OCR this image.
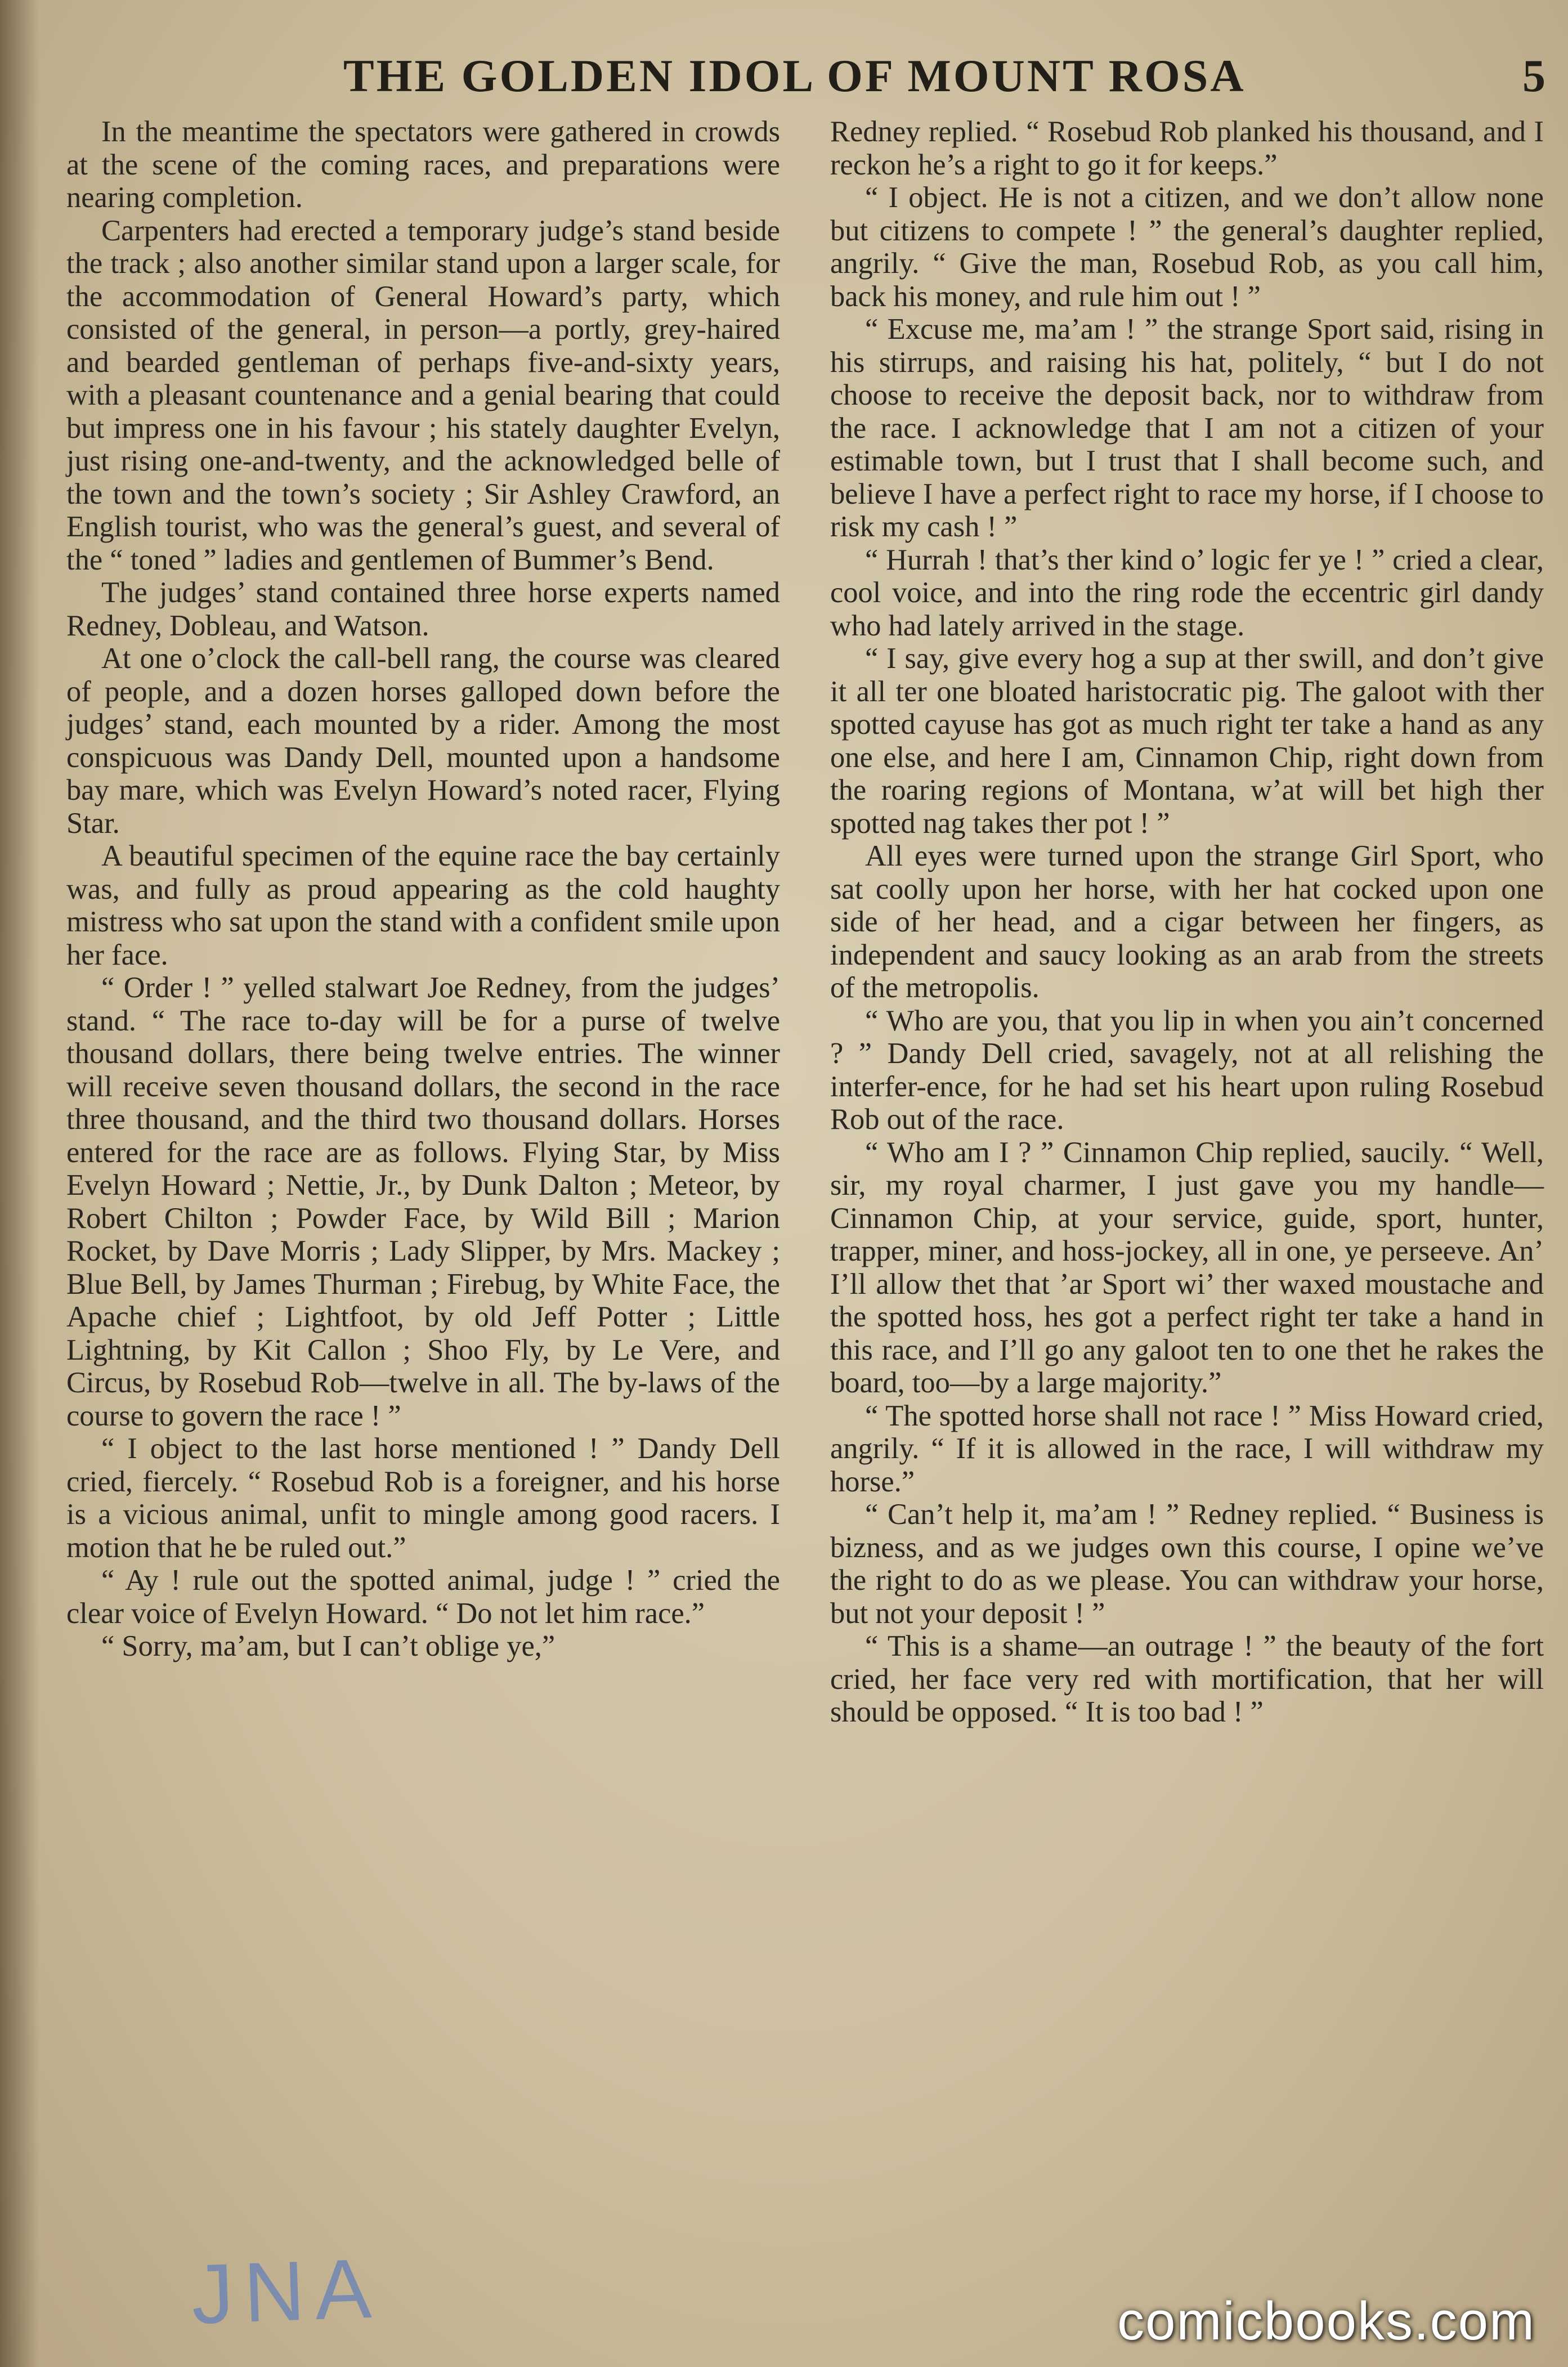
THE GOLDEN IDOL OF MOUNT ROSA	5

In the meantime the spectators were gathered in crowds at the scene of the coming races, and preparations were nearing completion.

Carpenters had erected a temporary judge’s stand beside the track ; also another similar stand upon a larger scale, for the accommodation of General Howard’s party, which consisted of the general, in person—a portly, grey-haired and bearded gentleman of perhaps five-and-sixty years, with a pleasant countenance and a genial bearing that could but impress one in his favour ; his stately daughter Evelyn, just rising one-and-twenty, and the acknowledged belle of the town and the town’s society ; Sir Ashley Crawford, an English tourist, who was the general’s guest, and several of the “ toned ” ladies and gentlemen of Bummer’s Bend.

The judges’ stand contained three horse experts named Redney, Dobleau, and Watson.

At one o’clock the call-bell rang, the course was cleared of people, and a dozen horses galloped down before the judges’ stand, each mounted by a rider. Among the most conspicuous was Dandy Dell, mounted upon a handsome bay mare, which was Evelyn Howard’s noted racer, Flying Star.

A beautiful specimen of the equine race the bay certainly was, and fully as proud appearing as the cold haughty mistress who sat upon the stand with a confident smile upon her face.

“ Order ! ” yelled stalwart Joe Redney, from the judges’ stand. “ The race to-day will be for a purse of twelve thousand dollars, there being twelve entries. The winner will receive seven thousand dollars, the second in the race three thousand, and the third two thousand dollars. Horses entered for the race are as follows. Flying Star, by Miss Evelyn Howard ; Nettie, Jr., by Dunk Dalton ; Meteor, by Robert Chilton ; Powder Face, by Wild Bill ; Marion Rocket, by Dave Morris ; Lady Slipper, by Mrs. Mackey ; Blue Bell, by James Thurman ; Firebug, by White Face, the Apache chief ; Lightfoot, by old Jeff Potter ; Little Lightning, by Kit Callon ; Shoo Fly, by Le Vere, and Circus, by Rosebud Rob—twelve in all. The by-laws of the course to govern the race ! ”

“ I object to the last horse mentioned ! ” Dandy Dell cried, fiercely. “ Rosebud Rob is a foreigner, and his horse is a vicious animal, unfit to mingle among good racers. I motion that he be ruled out.”

“ Ay ! rule out the spotted animal, judge ! ” cried the clear voice of Evelyn Howard. “ Do not let him race.”

“ Sorry, ma’am, but I can’t oblige ye,”

Redney replied. “ Rosebud Rob planked his thousand, and I reckon he’s a right to go it for keeps.”

“ I object. He is not a citizen, and we don’t allow none but citizens to compete ! ” the general’s daughter replied, angrily. “ Give the man, Rosebud Rob, as you call him, back his money, and rule him out ! ”

“ Excuse me, ma’am ! ” the strange Sport said, rising in his stirrups, and raising his hat, politely, “ but I do not choose to receive the deposit back, nor to withdraw from the race. I acknowledge that I am not a citizen of your estimable town, but I trust that I shall become such, and believe I have a perfect right to race my horse, if I choose to risk my cash ! ”

“ Hurrah ! that’s ther kind o’ logic fer ye ! ” cried a clear, cool voice, and into the ring rode the eccentric girl dandy who had lately arrived in the stage.

“ I say, give every hog a sup at ther swill, and don’t give it all ter one bloated haristocratic pig. The galoot with ther spotted cayuse has got as much right ter take a hand as any one else, and here I am, Cinnamon Chip, right down from the roaring regions of Montana, w’at will bet high ther spotted nag takes ther pot ! ”

All eyes were turned upon the strange Girl Sport, who sat coolly upon her horse, with her hat cocked upon one side of her head, and a cigar between her fingers, as independent and saucy looking as an arab from the streets of the metropolis.

“ Who are you, that you lip in when you ain’t concerned ? ” Dandy Dell cried, savagely, not at all relishing the interfer-ence, for he had set his heart upon ruling Rosebud Rob out of the race.

“ Who am I ? ” Cinnamon Chip replied, saucily. “ Well, sir, my royal charmer, I just gave you my handle—Cinnamon Chip, at your service, guide, sport, hunter, trapper, miner, and hoss-jockey, all in one, ye perseeve. An’ I’ll allow thet that ’ar Sport wi’ ther waxed moustache and the spotted hoss, hes got a perfect right ter take a hand in this race, and I’ll go any galoot ten to one thet he rakes the board, too—by a large majority.”

“ The spotted horse shall not race ! ” Miss Howard cried, angrily. “ If it is allowed in the race, I will withdraw my horse.”

“ Can’t help it, ma’am ! ” Redney replied. “ Business is bizness, and as we judges own this course, I opine we’ve the right to do as we please. You can withdraw your horse, but not your deposit ! ”

“ This is a shame—an outrage ! ” the beauty of the fort cried, her face very red with mortification, that her will should be opposed. “ It is too bad ! ”

JNA	comicbooks.com
